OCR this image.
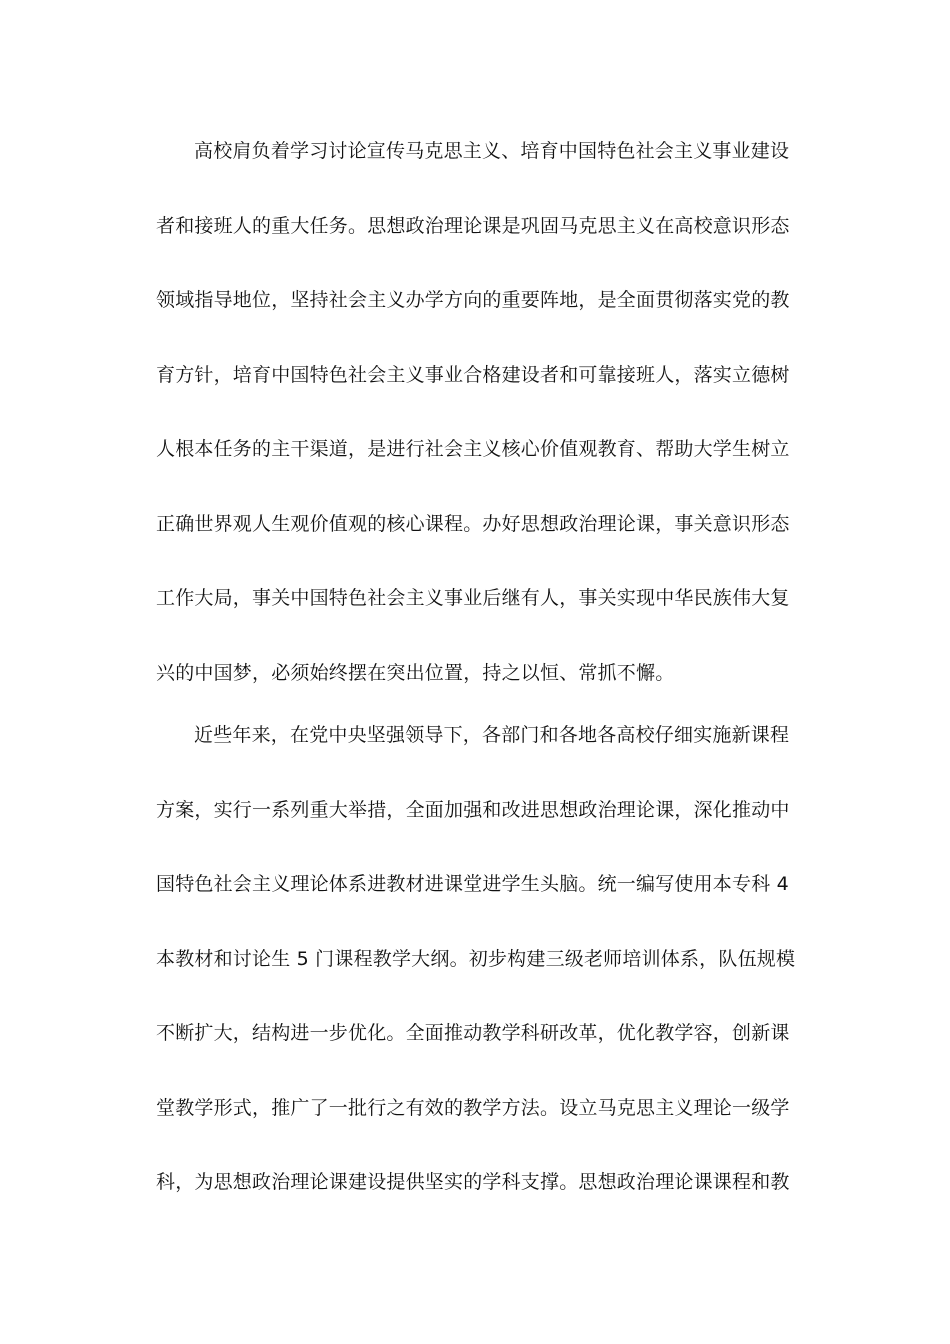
高校肩负着学习讨论宣传马克思主义、培育中国特色社会主义事业建设
者和接班人的重大任务。思想政治理论课是巩固马克思主义在高校意识形态
领域指导地位，坚持社会主义办学方向的重要阵地，是全面贯彻落实党的教
育方针，培育中国特色社会主义事业合格建设者和可靠接班人，落实立德树
人根本任务的主干渠道，是进行社会主义核心价值观教育、帮助大学生树立
正确世界观人生观价值观的核心课程。办好思想政治理论课，事关意识形态
工作大局，事关中国特色社会主义事业后继有人，事关实现中华民族伟大复
兴的中国梦，必须始终摆在突出位置，持之以恒、常抓不懈。
近些年来，在党中央坚强领导下，各部门和各地各高校仔细实施新课程
方案，实行一系列重大举措，全面加强和改进思想政治理论课，深化推动中
国特色社会主义理论体系进教材进课堂进学生头脑。统一编写使用本专科 4
本教材和讨论生 5 门课程教学大纲。初步构建三级老师培训体系，队伍规模
不断扩大，结构进一步优化。全面推动教学科研改革，优化教学容，创新课
堂教学形式，推广了一批行之有效的教学方法。设立马克思主义理论一级学
科，为思想政治理论课建设提供坚实的学科支撑。思想政治理论课课程和教
